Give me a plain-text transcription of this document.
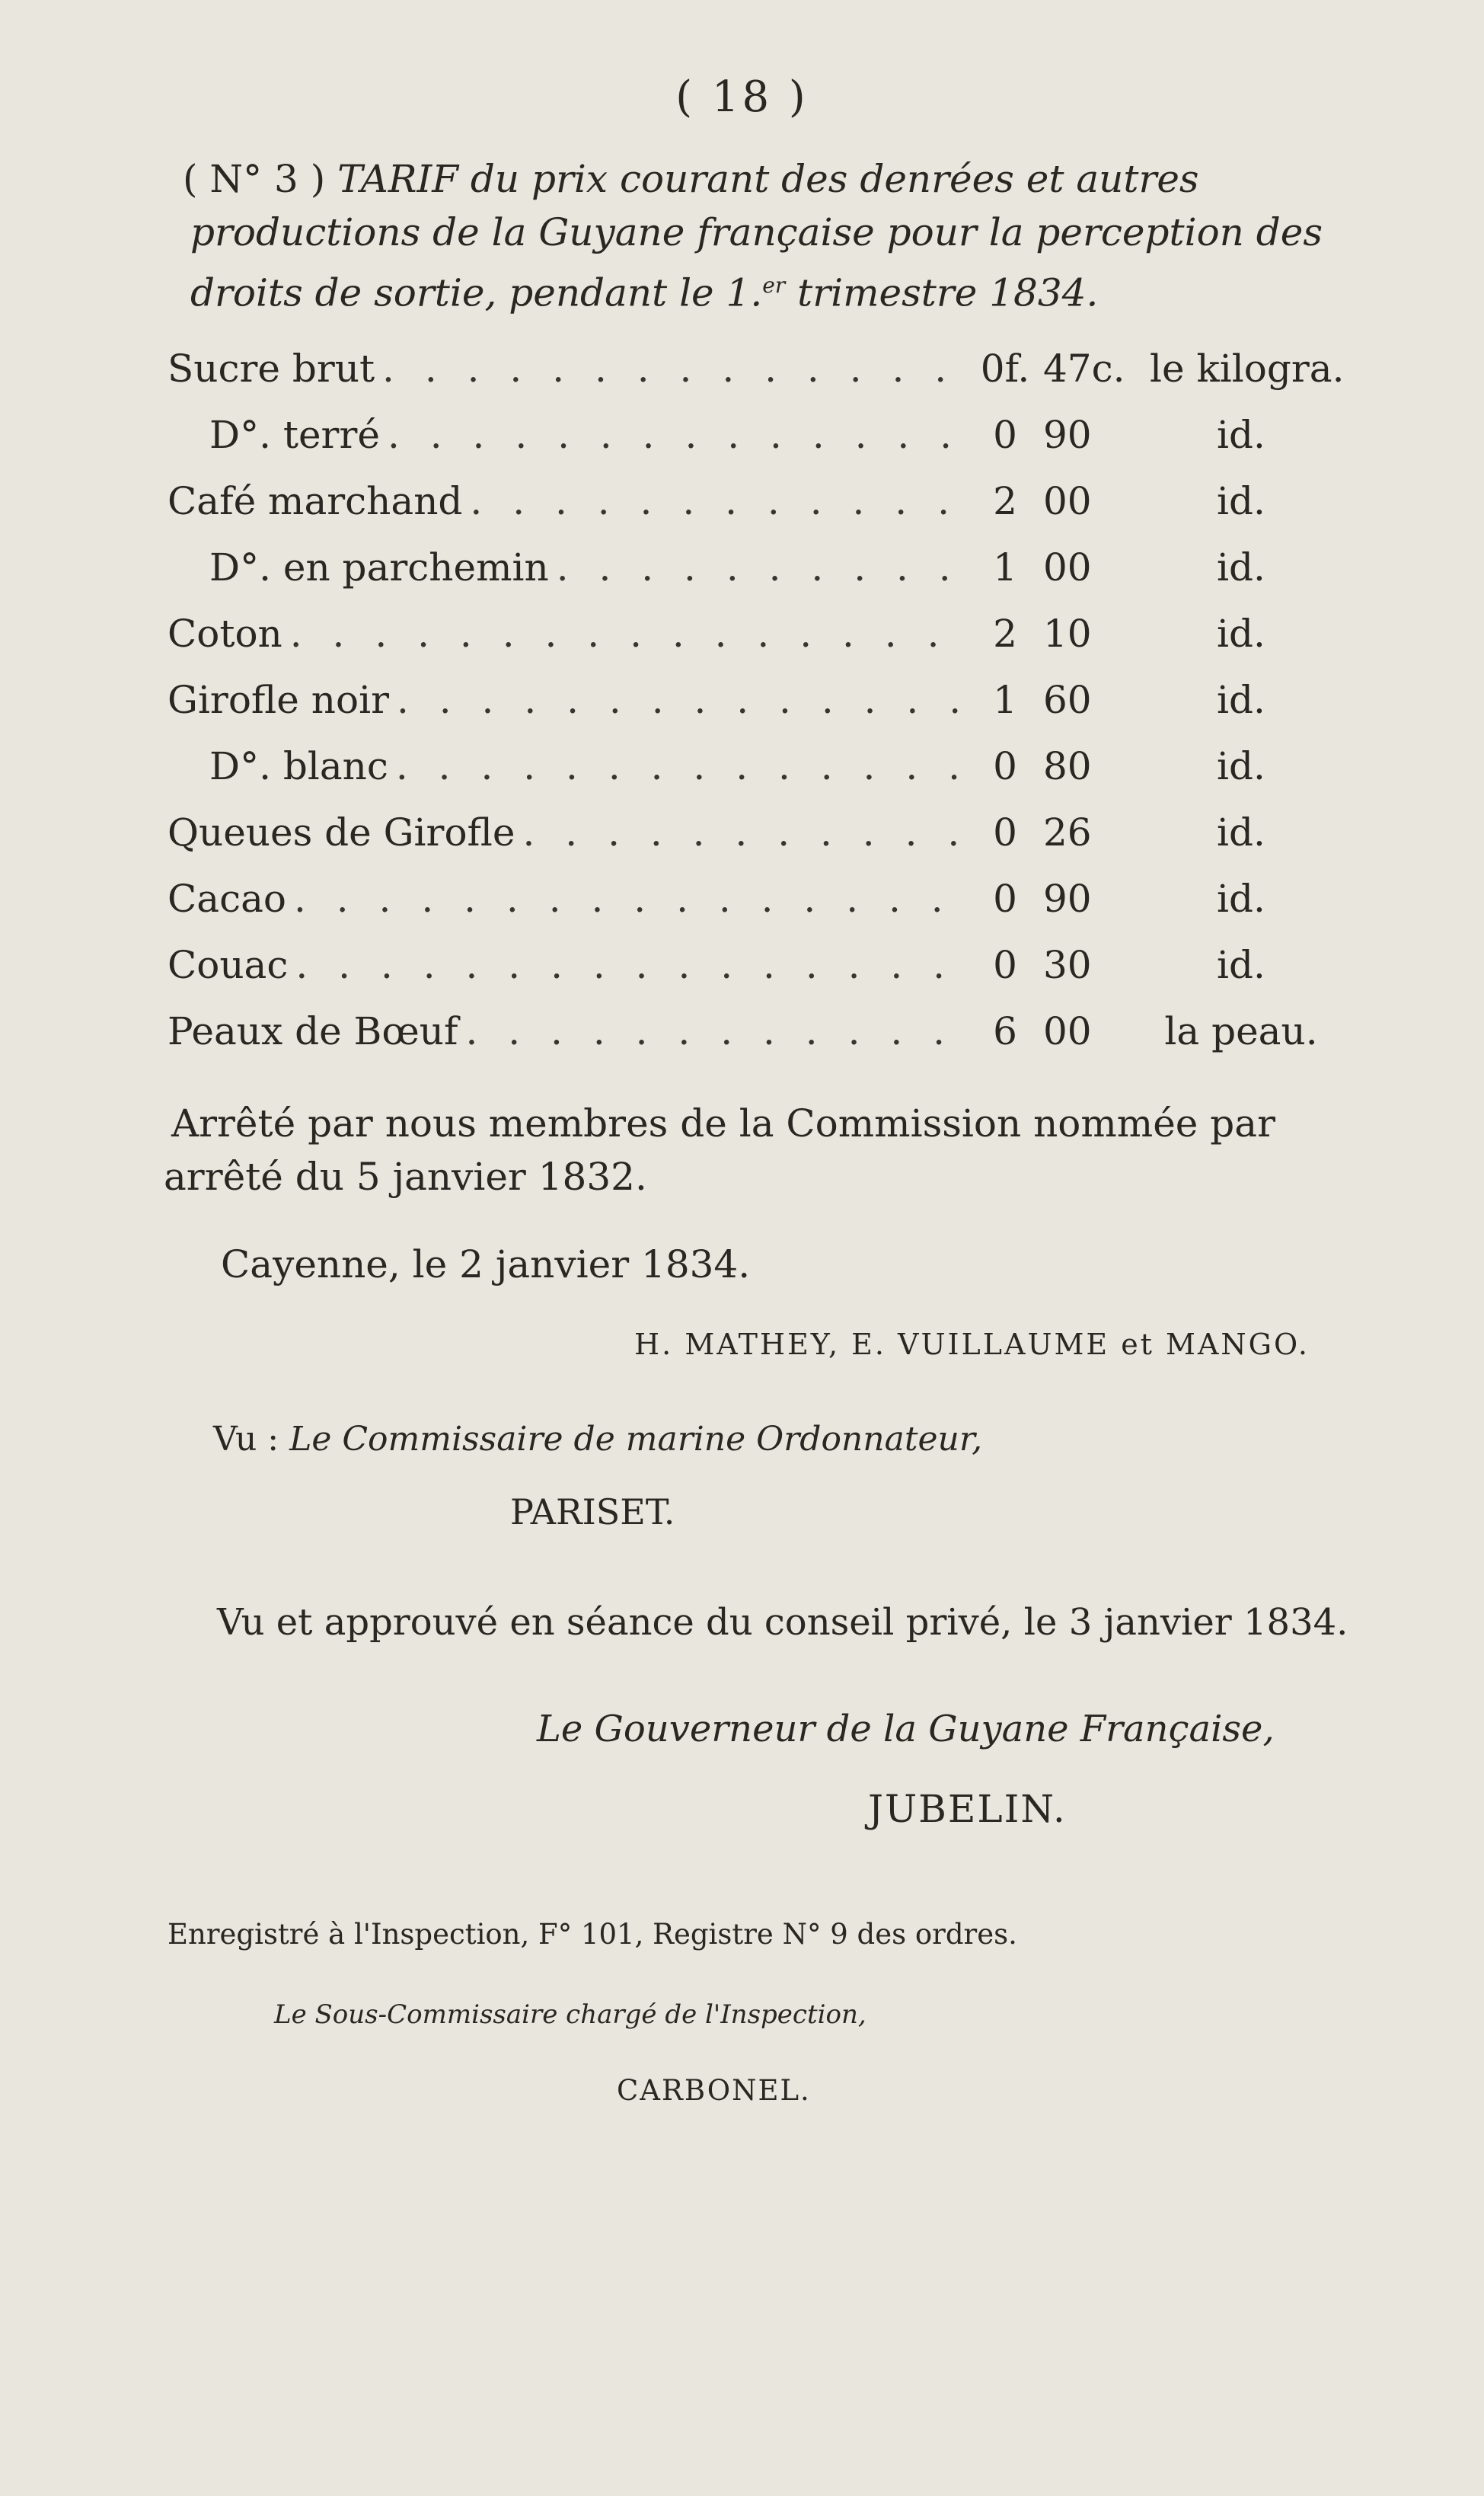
( 18 )
( N° 3 ) TARIF du prix courant des denrées et autres productions de la Guyane française pour la perception des droits de sortie, pendant le 1.$^{er}$ trimestre 1834.
Sucre brut . . .	0f. 47c. le kilogra.
D°. terré . . .	0 90	id.
Café marchand . . .	2 00	id.
D°. en parchemin . . .	1 00	id.
Coton . . .	2 10	id.
Girofle noir . . .	1 60	id.
D°. blanc . . .	0 80	id.
Queues de Girofle . . .	0 26	id.
Cacao . . .	0 90	id.
Couac . . .	0 30	id.
Peaux de Bœuf . . .	6 00	la peau.
Arrêté par nous membres de la Commission nommée par arrêté du 5 janvier 1832.
Cayenne, le 2 janvier 1834.
H. MATHEY, E. VUILLAUME et MANGO.
Vu : Le Commissaire de marine Ordonnateur,
PARISET.
Vu et approuvé en séance du conseil privé, le 3 janvier 1834.
Le Gouverneur de la Guyane Française,
JUBELIN.
Enregistré à l'Inspection, F° 101, Registre N° 9 des ordres.
Le Sous-Commissaire chargé de l'Inspection,
CARBONEL.
